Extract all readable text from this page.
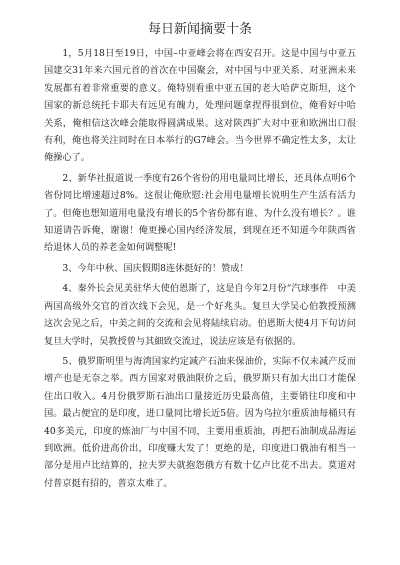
每日新闻摘要十条

1，5月18日至19日，中国–中亚峰会将在西安召开。这是中国与中亚五国建交31年来六国元首的首次在中国聚会，对中国与中亚关系、对亚洲未来发展都有着非常重要的意义。俺特别看重中亚五国的老大哈萨克斯坦，这个国家的新总统托卡耶夫有远见有魄力，处理问题拿捏得很到位，俺看好中哈关系，俺相信这次峰会能取得圆满成果。这对陕西扩大对中亚和欧洲出口很有利，俺也将关注同时在日本举行的G7峰会。当今世界不确定性太多，太让俺操心了。

2、新华社报道说一季度有26个省份的用电量同比增长，还具体点明6个省份同比增速超过8%。这很让俺欣慰:社会用电量增长说明生产生活有活力了。但俺也想知道用电量没有增长的5个省份都有谁、为什么没有增长？。谁知道请告诉俺，谢谢！俺更操心国内经济发展，到现在还不知道今年陕西省给退休人员的养老金如何调整呢!

3、今年中秋、国庆假期8连休挺好的！赞成！

4、秦外长会见美驻华大使伯恩斯了，这是自今年2月份“汽球事件　中美两国高级外交官的首次线下会见，是一个好兆头。复旦大学吴心伯教授预测这次会见之后，中美之间的交流和会见将陆续启动。伯恩斯大使4月下旬访问复旦大学时，吴教授曾与其細致交流过，说法应该是有依据的。

5、俄罗斯明里与海湾国家约定减产石油来保油价，实际不仅未减产反而增产也是无奈之举。西方国家对俄油限价之后，俄罗斯只有加大出口才能保住出口收入。4月份俄罗斯石油出口量接近历史最高值，主要销往印度和中国。最占便宜的是印度，进口量同比增长近5倍。因为乌拉尔重质油每桶只有40多美元，印度的炼油厂与中国不同，主要用重质油，再把石油制成品海运到欧洲。低价进高价出，印度赚大发了！更绝的是，印度进口俄油有相当一部分是用卢比结算的，拉夫罗夫就抱怨俄方有数十亿卢比花不出去。莫道对付普京挺有招的，普京太难了。
